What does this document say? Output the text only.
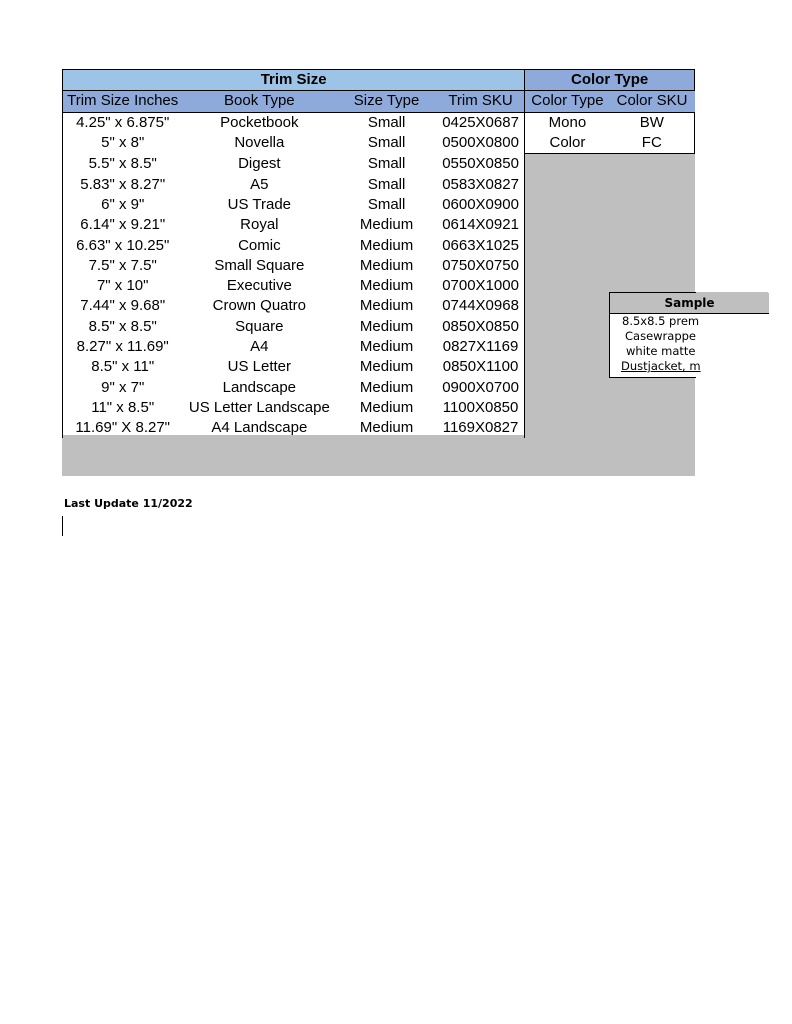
Trim Size				Color Type	
Trim Size Inches	Book Type	Size Type	Trim SKU	Color Type	Color SKU
4.25" x 6.875"	Pocketbook	Small	0425X0687	Mono	BW
5" x 8"	Novella	Small	0500X0800	Color	FC
5.5" x 8.5"	Digest	Small	0550X0850		
5.83" x 8.27"	A5	Small	0583X0827		
6" x 9"	US Trade	Small	0600X0900		
6.14" x 9.21"	Royal	Medium	0614X0921		
6.63" x 10.25"	Comic	Medium	0663X1025		
7.5" x 7.5"	Small Square	Medium	0750X0750		
7" x 10"	Executive	Medium	0700X1000		
7.44" x 9.68"	Crown Quatro	Medium	0744X0968		
8.5" x 8.5"	Square	Medium	0850X0850		
8.27" x 11.69"	A4	Medium	0827X1169		
8.5" x 11"	US Letter	Medium	0850X1100		
9" x 7"	Landscape	Medium	0900X0700		
11" x 8.5"	US Letter Landscape	Medium	1100X0850		
11.69" X 8.27"	A4 Landscape	Medium	1169X0827		
Sample
8.5x8.5 prem
Casewrappe
white matte
Dustjacket, m
Last Update 11/2022
